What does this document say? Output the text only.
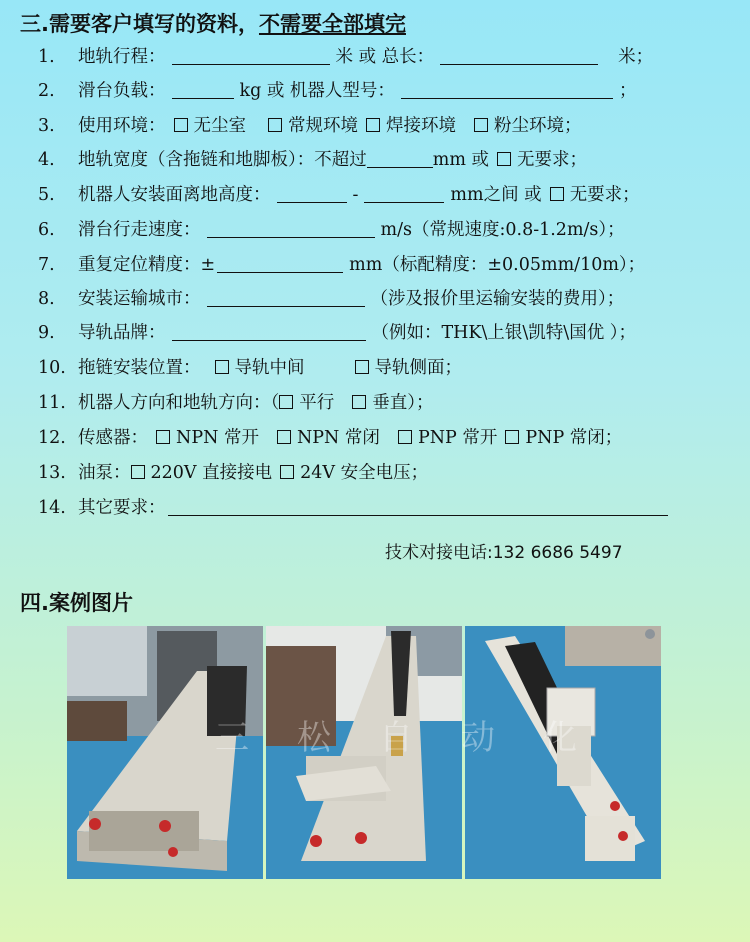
三.需要客户填写的资料，不需要全部填完
1. 地轨行程：	米 或 总长：	米；
2. 滑台负载：	kg 或 机器人型号：	；
3. 使用环境： 无尘室 常规环境 焊接环境 粉尘环境；
4. 地轨宽度（含拖链和地脚板）：不超过	mm 或 无要求；
5. 机器人安装面离地高度：	-	mm之间 或 无要求；
6. 滑台行走速度：	m/s（常规速度:0.8-1.2m/s）；
7. 重复定位精度：±	mm（标配精度：±0.05mm/10m）；
8. 安装运输城市：	（涉及报价里运输安装的费用）；
9. 导轨品牌：	（例如：THK\上银\凯特\国优 ）；
10. 拖链安装位置： 导轨中间	导轨侧面；
11. 机器人方向和地轨方向：（ 平行 垂直）；
12. 传感器： NPN 常开 NPN 常闭 PNP 常开 PNP 常闭；
13. 油泵： 220V 直接接电 24V 安全电压；
14. 其它要求：
技术对接电话:132 6686 5497
四.案例图片
三松自动化
